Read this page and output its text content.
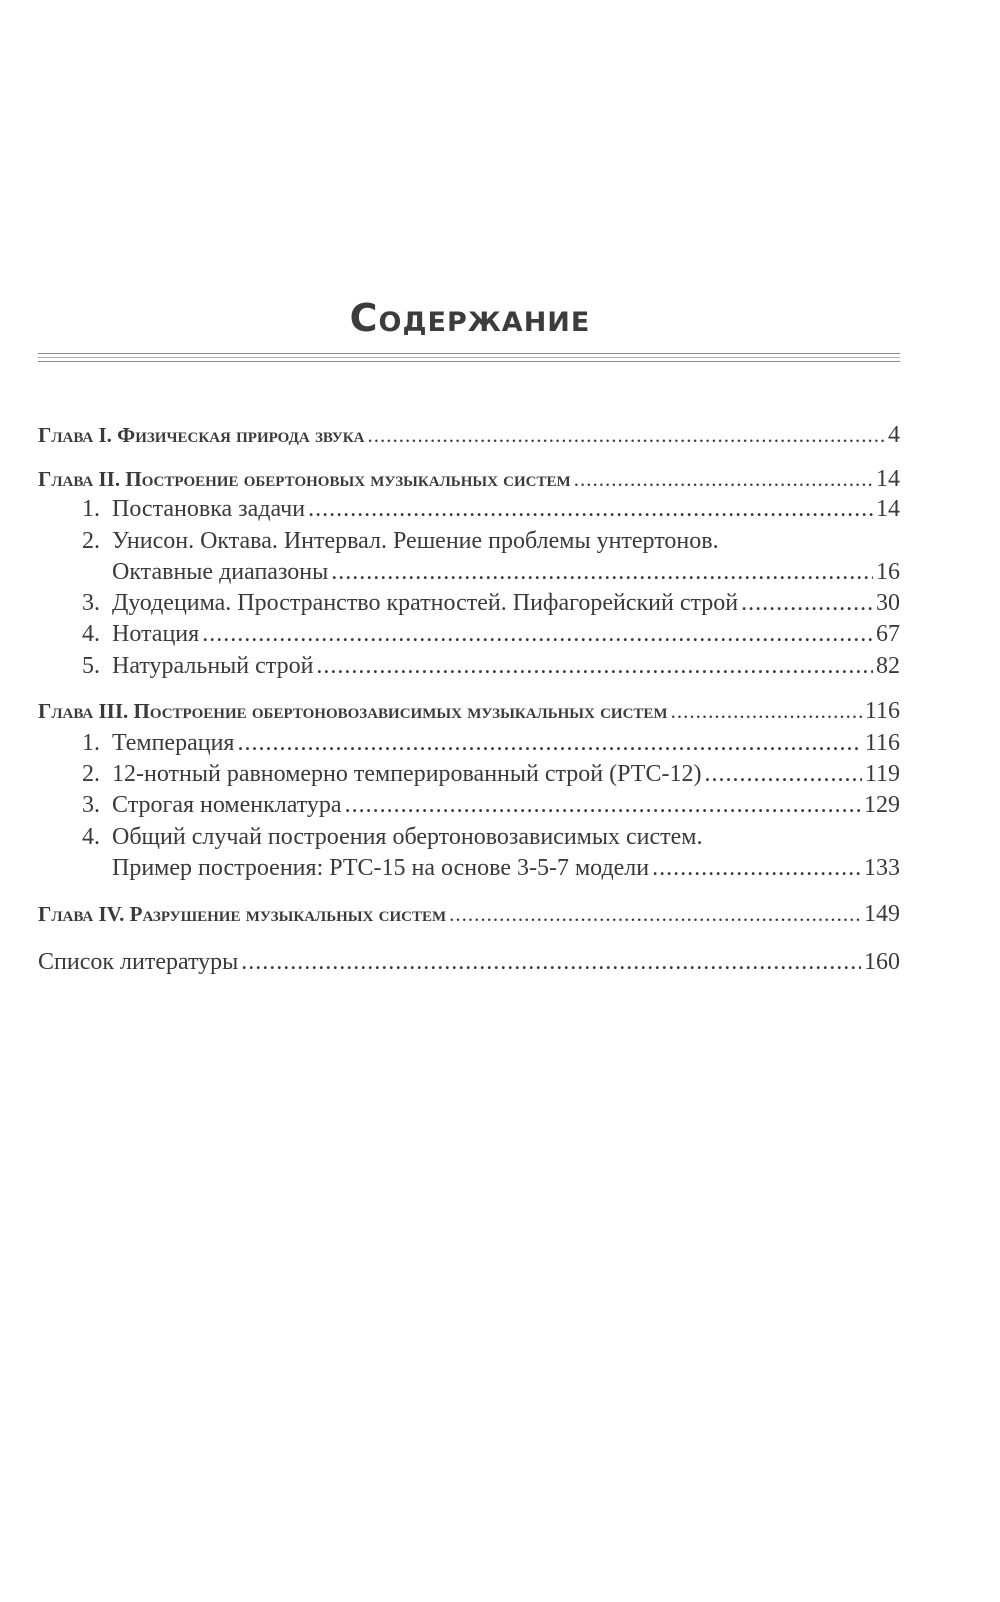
Содержание
Глава I. Физическая природа звука .....	4
Глава II. Построение обертоновых музыкальных систем .....	14
1. Постановка задачи .....	14
2. Унисон. Октава. Интервал. Решение проблемы унтертонов.
Октавные диапазоны .....	16
3. Дуодецима. Пространство кратностей. Пифагорейский строй .....	30
4. Нотация .....	67
5. Натуральный строй .....	82
Глава III. Построение обертоновозависимых музыкальных систем .....	116
1. Темперация .....	116
2. 12-нотный равномерно темперированный строй (РТС-12) .....	119
3. Строгая номенклатура .....	129
4. Общий случай построения обертоновозависимых систем.
Пример построения: РТС-15 на основе 3-5-7 модели .....	133
Глава IV. Разрушение музыкальных систем .....	149
Список литературы .....	160
